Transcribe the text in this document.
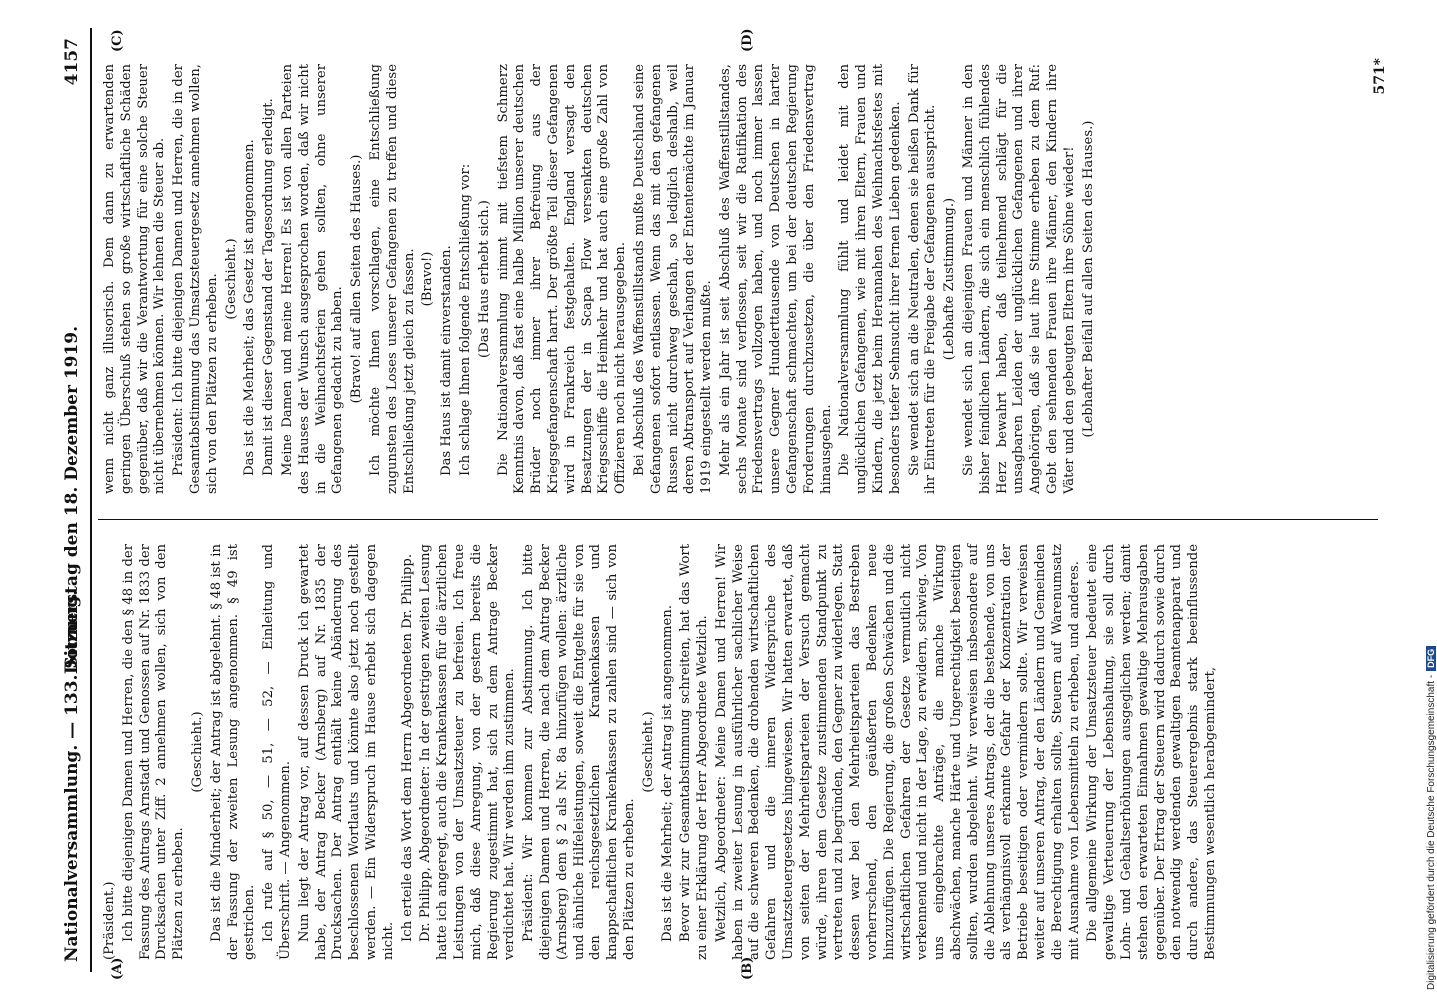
Nationalversammlung. — 133. Sitzung.
Donnerstag den 18. Dezember 1919.
4157
(A)	(B)
(C)	(D)

(Präsident.) Ich bitte diejenigen Damen und Herren, die den § 48 in der Fassung des Antrags Arnstadt und Genossen auf Nr. 1833 der Drucksachen unter Ziff. 2 annehmen wollen, sich von den Plätzen zu erheben.

(Geschieht.) Das ist die Minderheit; der Antrag ist abgelehnt. § 48 ist in der Fassung der zweiten Lesung angenommen. § 49 ist gestrichen. Ich rufe auf § 50, — 51, — 52, — Einleitung und Überschrift. — Angenommen. Nun liegt der Antrag vor, auf dessen Druck ich gewartet habe, der Antrag Becker (Arnsberg) auf Nr. 1835 der Drucksachen. Der Antrag enthält keine Abänderung des beschlossenen Wortlauts und könnte also jetzt noch gestellt werden. — Ein Widerspruch im Hause erhebt sich dagegen nicht. Ich erteile das Wort dem Herrn Abgeordneten Dr. Philipp. Dr. Philipp, Abgeordneter: In der gestrigen zweiten Lesung hatte ich angeregt, auch die Krankenkassen für die ärztlichen Leistungen von der Umsatzsteuer zu befreien. Ich freue mich, daß diese Anregung, von der gestern bereits die Regierung zugestimmt hat, sich zu dem Antrage Becker verdichtet hat. Wir werden ihm zustimmen. Präsident: Wir kommen zur Abstimmung. Ich bitte diejenigen Damen und Herren, die nach dem Antrag Becker (Arnsberg) dem § 2 als Nr. 8a hinzufügen wollen: ärztliche und ähnliche Hilfeleistungen, soweit die Entgelte für sie von den reichsgesetzlichen Krankenkassen und knappschaftlichen Krankenkassen zu zahlen sind — sich von den Plätzen zu erheben.

(Geschieht.) Das ist die Mehrheit; der Antrag ist angenommen. Bevor wir zur Gesamtabstimmung schreiten, hat das Wort zu einer Erklärung der Herr Abgeordnete Wetzlich. Wetzlich, Abgeordneter: Meine Damen und Herren! Wir haben in zweiter Lesung in ausführlicher sachlicher Weise auf die schweren Bedenken, die drohenden wirtschaftlichen Gefahren und die inneren Widersprüche des Umsatzsteuergesetzes hingewiesen. Wir hatten erwartet, daß von seiten der Mehrheitsparteien der Versuch gemacht würde, ihren dem Gesetze zustimmenden Standpunkt zu vertreten und zu begründen, den Gegner zu widerlegen. Statt dessen war bei den Mehrheitsparteien das Bestreben vorherrschend, den geäußerten Bedenken neue hinzuzufügen. Die Regierung, die großen Schwächen und die wirtschaftlichen Gefahren der Gesetze vermutlich nicht verkennend und nicht in der Lage, zu erwidern, schwieg. Von uns eingebrachte Anträge, die manche Wirkung abschwächen, manche Härte und Ungerechtigkeit beseitigen sollten, wurden abgelehnt. Wir verweisen insbesondere auf die Ablehnung unseres Antrags, der die bestehende, von uns als verhängnisvoll erkannte Gefahr der Konzentration der Betriebe beseitigen oder vermindern sollte. Wir verweisen weiter auf unseren Antrag, der den Ländern und Gemeinden die Berechtigung erhalten sollte, Steuern auf Warenumsatz mit Ausnahme von Lebensmitteln zu erheben, und anderes. Die allgemeine Wirkung der Umsatzsteuer bedeutet eine gewaltige Verteuerung der Lebenshaltung, sie soll durch Lohn- und Gehaltserhöhungen ausgeglichen werden; damit stehen den erwarteten Einnahmen gewaltige Mehrausgaben gegenüber. Der Ertrag der Steuern wird dadurch sowie durch den notwendig werdenden gewaltigen Beamtenapparat und durch andere, das Steuerergebnis stark beeinflussende Bestimmungen wesentlich herabgemindert,

wenn nicht ganz illusorisch. Dem dann zu erwartenden geringen Überschuß stehen so große wirtschaftliche Schäden gegenüber, daß wir die Verantwortung für eine solche Steuer nicht übernehmen können. Wir lehnen die Steuer ab. Präsident: Ich bitte diejenigen Damen und Herren, die in der Gesamtabstimmung das Umsatzsteuergesetz annehmen wollen, sich von den Plätzen zu erheben. (Geschieht.) Das ist die Mehrheit; das Gesetz ist angenommen. Damit ist dieser Gegenstand der Tagesordnung erledigt. Meine Damen und meine Herren! Es ist von allen Parteien des Hauses der Wunsch ausgesprochen worden, daß wir nicht in die Weihnachtsferien gehen sollten, ohne unserer Gefangenen gedacht zu haben. (Bravo! auf allen Seiten des Hauses.) Ich möchte Ihnen vorschlagen, eine Entschließung zugunsten des Loses unserer Gefangenen zu treffen und diese Entschließung jetzt gleich zu fassen. (Bravo!) Das Haus ist damit einverstanden. Ich schlage Ihnen folgende Entschließung vor: (Das Haus erhebt sich.) Die Nationalversammlung nimmt mit tiefstem Schmerz Kenntnis davon, daß fast eine halbe Million unserer deutschen Brüder noch immer ihrer Befreiung aus der Kriegsgefangenschaft harrt. Der größte Teil dieser Gefangenen wird in Frankreich festgehalten. England versagt den Besatzungen der in Scapa Flow versenkten deutschen Kriegsschiffe die Heimkehr und hat auch eine große Zahl von Offizieren noch nicht herausgegeben. Bei Abschluß des Waffenstillstands mußte Deutschland seine Gefangenen sofort entlassen. Wenn das mit den gefangenen Russen nicht durchweg geschah, so lediglich deshalb, weil deren Abtransport auf Verlangen der Ententemächte im Januar 1919 eingestellt werden mußte. Mehr als ein Jahr ist seit Abschluß des Waffenstillstandes, sechs Monate sind verflossen, seit wir die Ratifikation des Friedensvertrags vollzogen haben, und noch immer lassen unsere Gegner Hunderttausende von Deutschen in harter Gefangenschaft schmachten, um bei der deutschen Regierung Forderungen durchzusetzen, die über den Friedensvertrag hinausgehen. Die Nationalversammlung fühlt und leidet mit den unglücklichen Gefangenen, wie mit ihren Eltern, Frauen und Kindern, die jetzt beim Herannahen des Weihnachtsfestes mit besonders tiefer Sehnsucht ihrer fernen Lieben gedenken. Sie wendet sich an die Neutralen, denen sie heißen Dank für ihr Eintreten für die Freigabe der Gefangenen ausspricht. (Lebhafte Zustimmung.) Sie wendet sich an diejenigen Frauen und Männer in den bisher feindlichen Ländern, die sich ein menschlich fühlendes Herz bewahrt haben, daß teilnehmend schlägt für die unsagbaren Leiden der unglücklichen Gefangenen und ihrer Angehörigen, daß sie laut ihre Stimme erheben zu dem Ruf: Gebt den sehnenden Frauen ihre Männer, den Kindern ihre Väter und den gebeugten Eltern ihre Söhne wieder! (Lebhafter Beifall auf allen Seiten des Hauses.)

571*
Digitalisierung gefördert durch die Deutsche Forschungsgemeinschaft -DFG
